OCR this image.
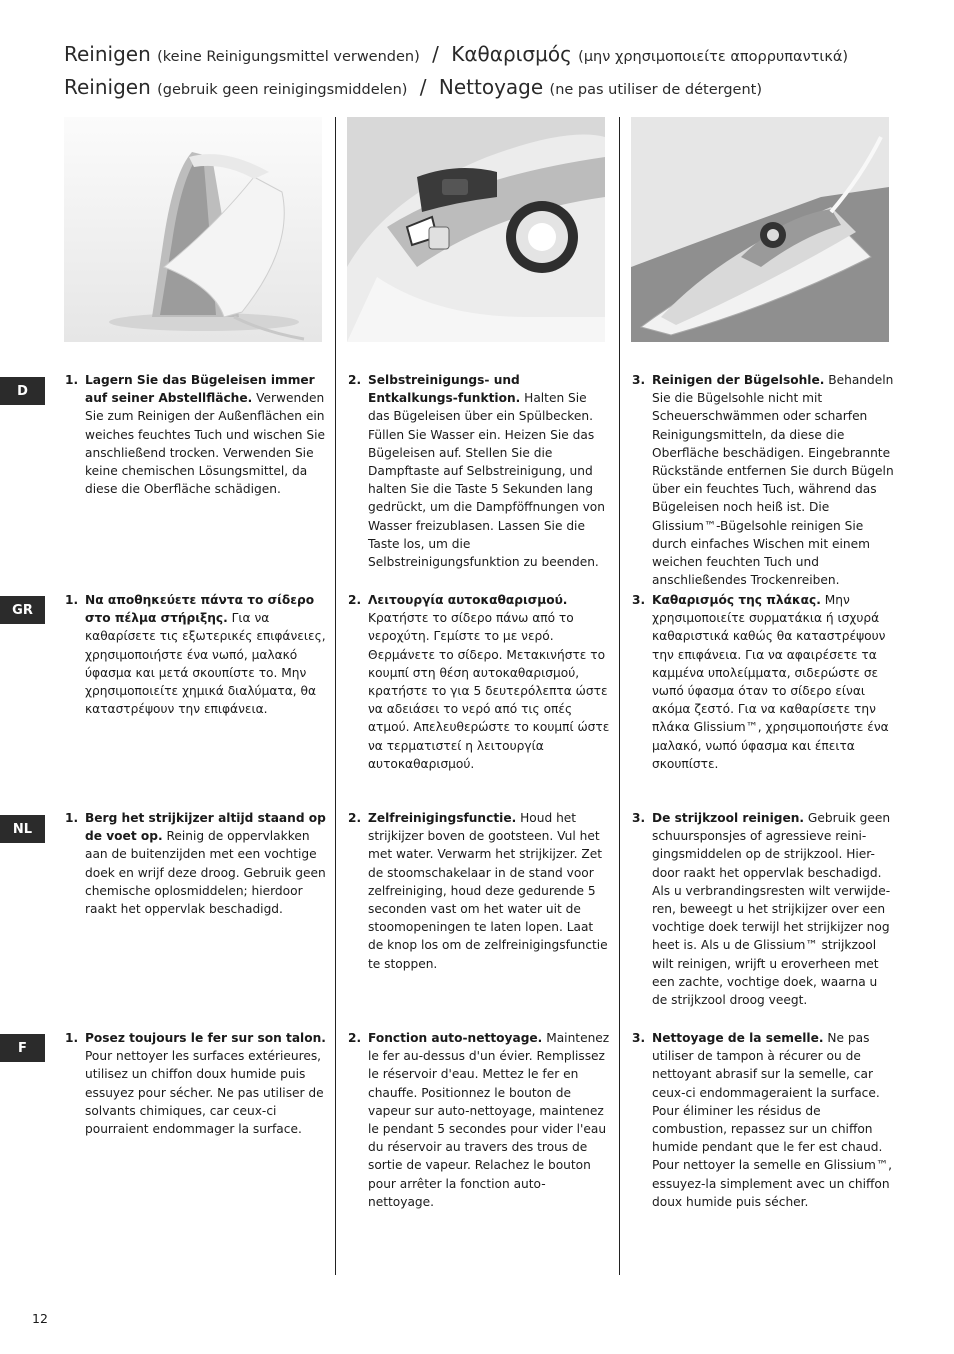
Reinigen (keine Reinigungsmittel verwenden) / Καθαρισμός (μην χρησιμοποιείτε απορρυπαντικά)
Reinigen (gebruik geen reinigingsmiddelen) / Nettoyage (ne pas utiliser de détergent)
D
1. Lagern Sie das Bügeleisen immer auf seiner Abstellfläche. Verwenden Sie zum Reinigen der Außenflächen ein weiches feuchtes Tuch und wischen Sie anschließend trocken. Verwenden Sie keine chemischen Lösungsmittel, da diese die Oberfläche schädigen.
2. Selbstreinigungs- und Entkalkungs-funktion. Halten Sie das Bügeleisen über ein Spülbecken. Füllen Sie Wasser ein. Heizen Sie das Bügeleisen auf. Stellen Sie die Dampftaste auf Selbstreinigung, und halten Sie die Taste 5 Sekunden lang gedrückt, um die Dampföffnungen von Wasser freizublasen. Lassen Sie die Taste los, um die Selbstreinigungsfunktion zu beenden.
3. Reinigen der Bügelsohle. Behandeln Sie die Bügelsohle nicht mit Scheuerschwämmen oder scharfen Reinigungsmitteln, da diese die Oberfläche beschädigen. Eingebrannte Rückstände entfernen Sie durch Bügeln über ein feuchtes Tuch, während das Bügeleisen noch heiß ist. Die Glissium™-Bügelsohle reinigen Sie durch einfaches Wischen mit einem weichen feuchten Tuch und anschließendes Trockenreiben.
GR
1. Να αποθηκεύετε πάντα το σίδερο στο πέλμα στήριξης. Για να καθαρίσετε τις εξωτερικές επιφάνειες, χρησιμοποιήστε ένα νωπό, μαλακό ύφασμα και μετά σκουπίστε το. Μην χρησιμοποιείτε χημικά διαλύματα, θα καταστρέψουν την επιφάνεια.
2. Λειτουργία αυτοκαθαρισμού. Κρατήστε το σίδερο πάνω από το νεροχύτη. Γεμίστε το με νερό. Θερμάνετε το σίδερο. Μετακινήστε το κουμπί στη θέση αυτοκαθαρισμού, κρατήστε το για 5 δευτερόλεπτα ώστε να αδειάσει το νερό από τις οπές ατμού. Απελευθερώστε το κουμπί ώστε να τερματιστεί η λειτουργία αυτοκαθαρισμού.
3. Καθαρισμός της πλάκας. Μην χρησιμοποιείτε συρματάκια ή ισχυρά καθαριστικά καθώς θα καταστρέψουν την επιφάνεια. Για να αφαιρέσετε τα καμμένα υπολείμματα, σιδερώστε σε νωπό ύφασμα όταν το σίδερο είναι ακόμα ζεστό. Για να καθαρίσετε την πλάκα Glissium™, χρησιμοποιήστε ένα μαλακό, νωπό ύφασμα και έπειτα σκουπίστε.
NL
1. Berg het strijkijzer altijd staand op de voet op. Reinig de oppervlakken aan de buitenzijden met een vochtige doek en wrijf deze droog. Gebruik geen chemische oplosmiddelen; hierdoor raakt het oppervlak beschadigd.
2. Zelfreinigingsfunctie. Houd het strijkijzer boven de gootsteen. Vul het met water. Verwarm het strijkijzer. Zet de stoomschakelaar in de stand voor zelfreiniging, houd deze gedurende 5 seconden vast om het water uit de stoomopeningen te laten lopen. Laat de knop los om de zelfreinigingsfunctie te stoppen.
3. De strijkzool reinigen. Gebruik geen schuursponsjes of agressieve reini-gingsmiddelen op de strijkzool. Hier-door raakt het oppervlak beschadigd. Als u verbrandingsresten wilt verwijde-ren, beweegt u het strijkijzer over een vochtige doek terwijl het strijkijzer nog heet is. Als u de Glissium™ strijkzool wilt reinigen, wrijft u eroverheen met een zachte, vochtige doek, waarna u de strijkzool droog veegt.
F
1. Posez toujours le fer sur son talon. Pour nettoyer les surfaces extérieures, utilisez un chiffon doux humide puis essuyez pour sécher. Ne pas utiliser de solvants chimiques, car ceux-ci pourraient endommager la surface.
2. Fonction auto-nettoyage. Maintenez le fer au-dessus d'un évier. Remplissez le réservoir d'eau. Mettez le fer en chauffe. Positionnez le bouton de vapeur sur auto-nettoyage, maintenez le pendant 5 secondes pour vider l'eau du réservoir au travers des trous de sortie de vapeur. Relachez le bouton pour arrêter la fonction auto-nettoyage.
3. Nettoyage de la semelle. Ne pas utiliser de tampon à récurer ou de nettoyant abrasif sur la semelle, car ceux-ci endommageraient la surface. Pour éliminer les résidus de combustion, repassez sur un chiffon humide pendant que le fer est chaud. Pour nettoyer la semelle en Glissium™, essuyez-la simplement avec un chiffon doux humide puis sécher.
12
